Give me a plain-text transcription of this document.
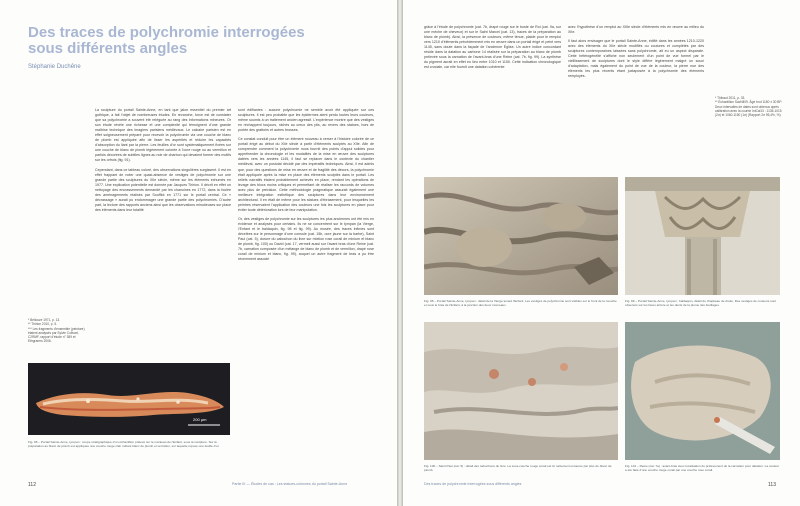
Des traces de polychromie interrogées sous différents angles
Stéphanie Duchêne

La sculpture du portail Sainte-Anne, en tant que jalon essentiel du premier art gothique, a fait l’objet de nombreuses études. En revanche, force est de constater que sa polychromie a souvent été reléguée au rang des informations mineures. Or son étude révèle une richesse et une complexité qui témoignent d’une grande maîtrise technique des imagiers parisiens médiévaux. Le calcaire parisien est en effet soigneusement préparé pour recevoir la polychromie via une couche de blanc de plomb est appliquée afin de lisser les aspérités et réduire les capacités d’absorption du liant par la pierre. Les feuilles d’or sont systématiquement fixées sur une couche de blanc de plomb légèrement colorée à l’ocre rouge ou au vermillon et parfois décorées de subtiles lignes au noir de charbon qui devaient former des motifs sur les orfrois (fig. 91).

Cependant, dans ce tableau coloré, des observations singulières surgissent. Il est en effet frappant de noter une quasi-absence de vestiges de polychromie sur une grande partie des sculptures du XIIe siècle, même sur les éléments exhumés en 1977. Une explication potentielle est donnée par Jacques Thirion. Il décrit en effet un nettoyage des encrassements demandé par les chanoines en 1772, dans la foulée des aménagements réalisés par Soufflot en 1771 sur le portail central. Ce « décrassage » aurait pu endommager une grande partie des polychromies. D’autre part, la lecture des rapports anciens ainsi que les observations minutieuses sur place des éléments dans leur totalité

sont édifiantes : aucune polychromie ne semble avoir été appliquée sur ces sculptures. Il est peu probable que les épidermes aient perdu toutes leurs couleurs, même soumis à un traitement ancien agressif. L’expérience montre que des vestiges en réchappent toujours, nichés au creux des plis, au revers des statues, hors de portée des grattoirs et autres brosses.

Ce constat conduit pour être un élément nouveau à verser à l’histoire colorée de ce portail érigé au début du XIIe siècle à partir d’éléments sculptés au XIIe. Afin de comprendre comment la polychromie nous fournit des points d’appui solides pour appréhender la chronologie et les modalités de la mise en œuvre des sculptures datées vers les années 1145, il faut se replacer dans le contexte du chantier médiéval, avec un postulat décidé par des impératifs techniques. Ainsi, il est admis que, pour des questions de mise en œuvre et de fragilité des décors, la polychromie était appliquée après la mise en place des éléments sculptés dans le portail. Les reliefs narratifs étaient probablement achevés en place, rendant les opérations de levage des blocs moins critiques et permettant de réaliser les raccords de volumes avec plus de précision. Cette méthodologie pragmatique assurait également une meilleure intégration esthétique des sculptures dans leur environnement architectural. Il en était de même pour les statues d’ébrasement, pour lesquelles les peintres réservaient l’application des couleurs une fois les sculptures en place pour éviter toute détérioration lors de leur manipulation.

Or, des vestiges de polychromie sur les sculptures les plus anciennes ont été mis en évidence et analysés pour certains. Ils ne se concentrent sur le tympan (la Vierge, l’Enfant et le baldaquin, fig. 98 et fig. 99). Au musée, des traces infimes sont décelées sur le personnage d’une console (cat. 15b, ocre jaune sur la barbe), Saint Paul (cat. 5), dorure du cabochon du livre sur mixtion rose corail de minium et blanc de plomb, fig. 100) ou David (cat. 17, vermeil aussi sur l’avant bras d’une Reine (cat. 7b, carnation composée d’un mélange de blanc de plomb et de vermillon, drapé rose corail de minium et blanc, fig. 99), auquel un autre fragment de bras a pu être récemment associé

* Bellouze 1971, p. 13.
** Thirion 2010, p. 5.
*** Les fragments d’ensemble (peinture) étaient analysés par Sylvie Colinart, C2RMF, rapport d’étude n° 389 et Ethgrarms 2006.
200 µm
Fig. 95 – Portail Sainte-Anne, tympan : coupe stratigraphique d’un échantillon prélevé sur le manteau de l’Enfant, sous la sculpture. Sur la préparation au blanc de plomb est appliquée une couche rouge clair mêlant blanc de plomb et vermillon, sur laquelle repose une feuille d’or.
112	Partie III — Études de cas : Les statues-colonnes du portail Sainte-Anne

grâce à l’étude de polychromie (cat. 7b, drapé rouge sur le buste de Roi (cat. 9a, sur une mèche de cheveux) et sur le Saint Marcel (cat. 13), traces de la préparation au blanc de plomb). Ainsi, la présence de couleurs, même ténue, plaide pour le remploi vers 1210 d’éléments précédemment mis en œuvre dans un portail érigé et peint vers 1145, sans doute dans la façade de l’ancienne Église. Un autre indice concordant réside dans la datation au carbone 14 réalisée sur la préparation au blanc de plomb prélevée sous la carnation de l’avant-bras d’une Reine (cat. 7b, fig. 99). La synthèse du pigment aurait en effet eu lieu entre 1010 et 1150. Cette indication chronologique est cruciale, car elle fournit une datation cohérente

avec l’hypothèse d’un remploi au XIIIe siècle d’éléments mis en œuvre au milieu du XIIe.

Il faut alors envisager que le portail Sainte-Anne, édifié dans les années 1210-1220 avec des éléments du XIIe siècle modifiés ou coutures et complétés par des sculptures contemporaines laissées sans polychromie, ait eu un aspect disparate. Cette hétérogénéité s’affiche non seulement d’un point de vue formel par le vieillissement de sculptures dont le style diffère légèrement malgré un souci d’adaptation, mais également du point de vue de la couleur, la pierre nue des éléments les plus récents étant juxtaposée à la polychromie des éléments remployés.

* Thibaut 2011, p. 33.
** Échantillon SacNIl09. Âge brut 1180 ± 30 BP. Deux intervalles de dates sont obtenus après calibration avec la courbe IntCal13 : 1135-1015 (2σ) et 1060-1150 (1σ) (Rapport 2σ 95,4%, %).
Fig. 98 – Portail Sainte-Anne, tympan : détail de la Vierge tenant l’Enfant. Les vestiges de polychromie sont visibles sur le front de la mouche et sous le bras de l’Enfant, à la jonction des deux morceaux.
Fig. 99 – Portail Sainte-Anne, tympan : baldaquin, détail du chapiteau de droite. Des vestiges de couleurs sont observés sur les faces arrière et les dents de la plume des feuillages.
Fig. 100 – Saint Paul (cat. 5) : détail des cabochons du livre. La sous-couche rouge corail est ici nettement entourée par plus de blanc de plomb.
Fig. 101 – Reine (cat. 7a) : avant-bras avec localisation du prélèvement de la carnation pour datation. La couleur a été faite d’une couche rouge corail par une couche rose corail.
Des traces de polychromie interrogées sous différents angles	113
